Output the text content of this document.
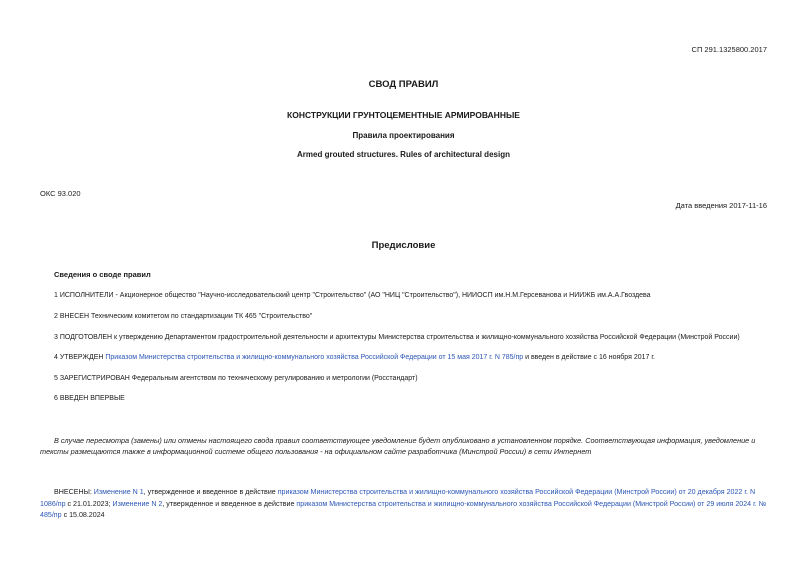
СП 291.1325800.2017
СВОД ПРАВИЛ
КОНСТРУКЦИИ ГРУНТОЦЕМЕНТНЫЕ АРМИРОВАННЫЕ
Правила проектирования
Armed grouted structures. Rules of architectural design
ОКС 93.020
Дата введения 2017-11-16
Предисловие
Сведения о своде правил
1 ИСПОЛНИТЕЛИ - Акционерное общество "Научно-исследовательский центр "Строительство" (АО "НИЦ "Строительство"), НИИОСП им.Н.М.Герсеванова и НИИЖБ им.А.А.Гвоздева
2 ВНЕСЕН Техническим комитетом по стандартизации ТК 465 "Строительство"
3 ПОДГОТОВЛЕН к утверждению Департаментом градостроительной деятельности и архитектуры Министерства строительства и жилищно-коммунального хозяйства Российской Федерации (Минстрой России)
4 УТВЕРЖДЕН Приказом Министерства строительства и жилищно-коммунального хозяйства Российской Федерации от 15 мая 2017 г. N 785/пр и введен в действие с 16 ноября 2017 г.
5 ЗАРЕГИСТРИРОВАН Федеральным агентством по техническому регулированию и метрологии (Росстандарт)
6 ВВЕДЕН ВПЕРВЫЕ
В случае пересмотра (замены) или отмены настоящего свода правил соответствующее уведомление будет опубликовано в установленном порядке. Соответствующая информация, уведомление и тексты размещаются также в информационной системе общего пользования - на официальном сайте разработчика (Минстрой России) в сети Интернет
ВНЕСЕНЫ: Изменение N 1, утвержденное и введенное в действие приказом Министерства строительства и жилищно-коммунального хозяйства Российской Федерации (Минстрой России) от 20 декабря 2022 г. N 1086/пр с 21.01.2023; Изменение N 2, утвержденное и введенное в действие приказом Министерства строительства и жилищно-коммунального хозяйства Российской Федерации (Минстрой России) от 29 июля 2024 г. № 485/пр с 15.08.2024
